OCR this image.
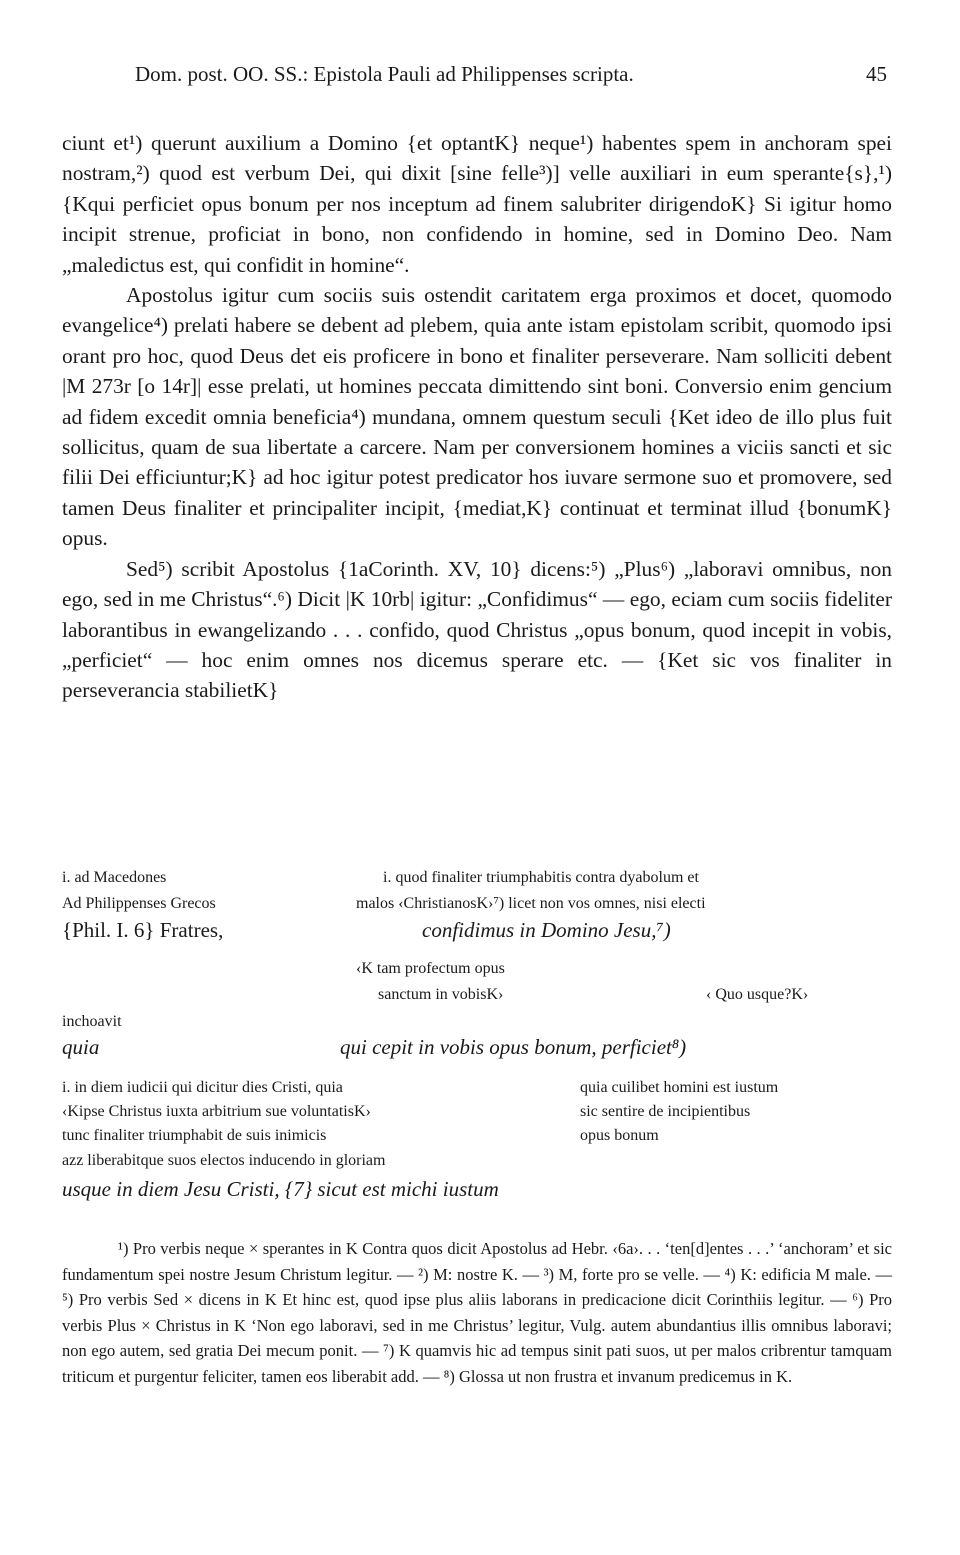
Dom. post. OO. SS.: Epistola Pauli ad Philippenses scripta.	45

ciunt et¹) querunt auxilium a Domino {et optantK} neque¹) habentes spem in anchoram spei nostram,²) quod est verbum Dei, qui dixit [sine felle³)] velle auxiliari in eum sperante{s},¹) {Kqui perficiet opus bonum per nos inceptum ad finem salubriter dirigendoK} Si igitur homo incipit strenue, proficiat in bono, non confidendo in homine, sed in Domino Deo. Nam „maledictus est, qui confidit in homine“.

Apostolus igitur cum sociis suis ostendit caritatem erga proximos et docet, quomodo evangelice⁴) prelati habere se debent ad plebem, quia ante istam epistolam scribit, quomodo ipsi orant pro hoc, quod Deus det eis proficere in bono et finaliter perseverare. Nam solliciti debent |M 273r [o 14r]| esse prelati, ut homines peccata dimittendo sint boni. Conversio enim gencium ad fidem excedit omnia beneficia⁴) mundana, omnem questum seculi {Ket ideo de illo plus fuit sollicitus, quam de sua libertate a carcere. Nam per conversionem homines a viciis sancti et sic filii Dei efficiuntur;K} ad hoc igitur potest predicator hos iuvare sermone suo et promovere, sed tamen Deus finaliter et principaliter incipit, {mediat,K} continuat et terminat illud {bonumK} opus.

Sed⁵) scribit Apostolus {1aCorinth. XV, 10} dicens:⁵) „Plus⁶) „laboravi omnibus, non ego, sed in me Christus“.⁶) Dicit |K 10rb| igitur: „Confidimus“ — ego, eciam cum sociis fideliter laborantibus in ewangelizando . . . confido, quod Christus „opus bonum, quod incepit in vobis, „perficiet“ — hoc enim omnes nos dicemus sperare etc. — {Ket sic vos finaliter in perseverancia stabilietK}

i. ad Macedones
Ad Philippenses Grecos
{Phil. I. 6} Fratres,
inchoavit
quia
i. quod finaliter triumphabitis contra dyabolum et
malos ‹ChristianosK›⁷) licet non vos omnes, nisi electi
confidimus in Domino Jesu,⁷)
‹K tam profectum opus
sanctum in vobisK›	‹ Quo usque?K›
qui cepit in vobis opus bonum, perficiet⁸)
i. in diem iudicii qui dicitur dies Cristi, quia
‹Kipse Christus iuxta arbitrium sue voluntatisK›
tunc finaliter triumphabit de suis inimicis
azz liberabitque suos electos inducendo in gloriam
quia cuilibet homini est iustum
sic sentire de incipientibus
opus bonum
usque in diem Jesu Cristi, {7} sicut est michi iustum

¹) Pro verbis neque × sperantes in K Contra quos dicit Apostolus ad Hebr. ‹6a›. . . ‘ten[d]entes . . .’ ‘anchoram’ et sic fundamentum spei nostre Jesum Christum legitur. — ²) M: nostre K. — ³) M, forte pro se velle. — ⁴) K: edificia M male. — ⁵) Pro verbis Sed × dicens in K Et hinc est, quod ipse plus aliis laborans in predicacione dicit Corinthiis legitur. — ⁶) Pro verbis Plus × Christus in K ‘Non ego laboravi, sed in me Christus’ legitur, Vulg. autem abundantius illis omnibus laboravi; non ego autem, sed gratia Dei mecum ponit. — ⁷) K quamvis hic ad tempus sinit pati suos, ut per malos cribrentur tamquam triticum et purgentur feliciter, tamen eos liberabit add. — ⁸) Glossa ut non frustra et invanum predicemus in K.
